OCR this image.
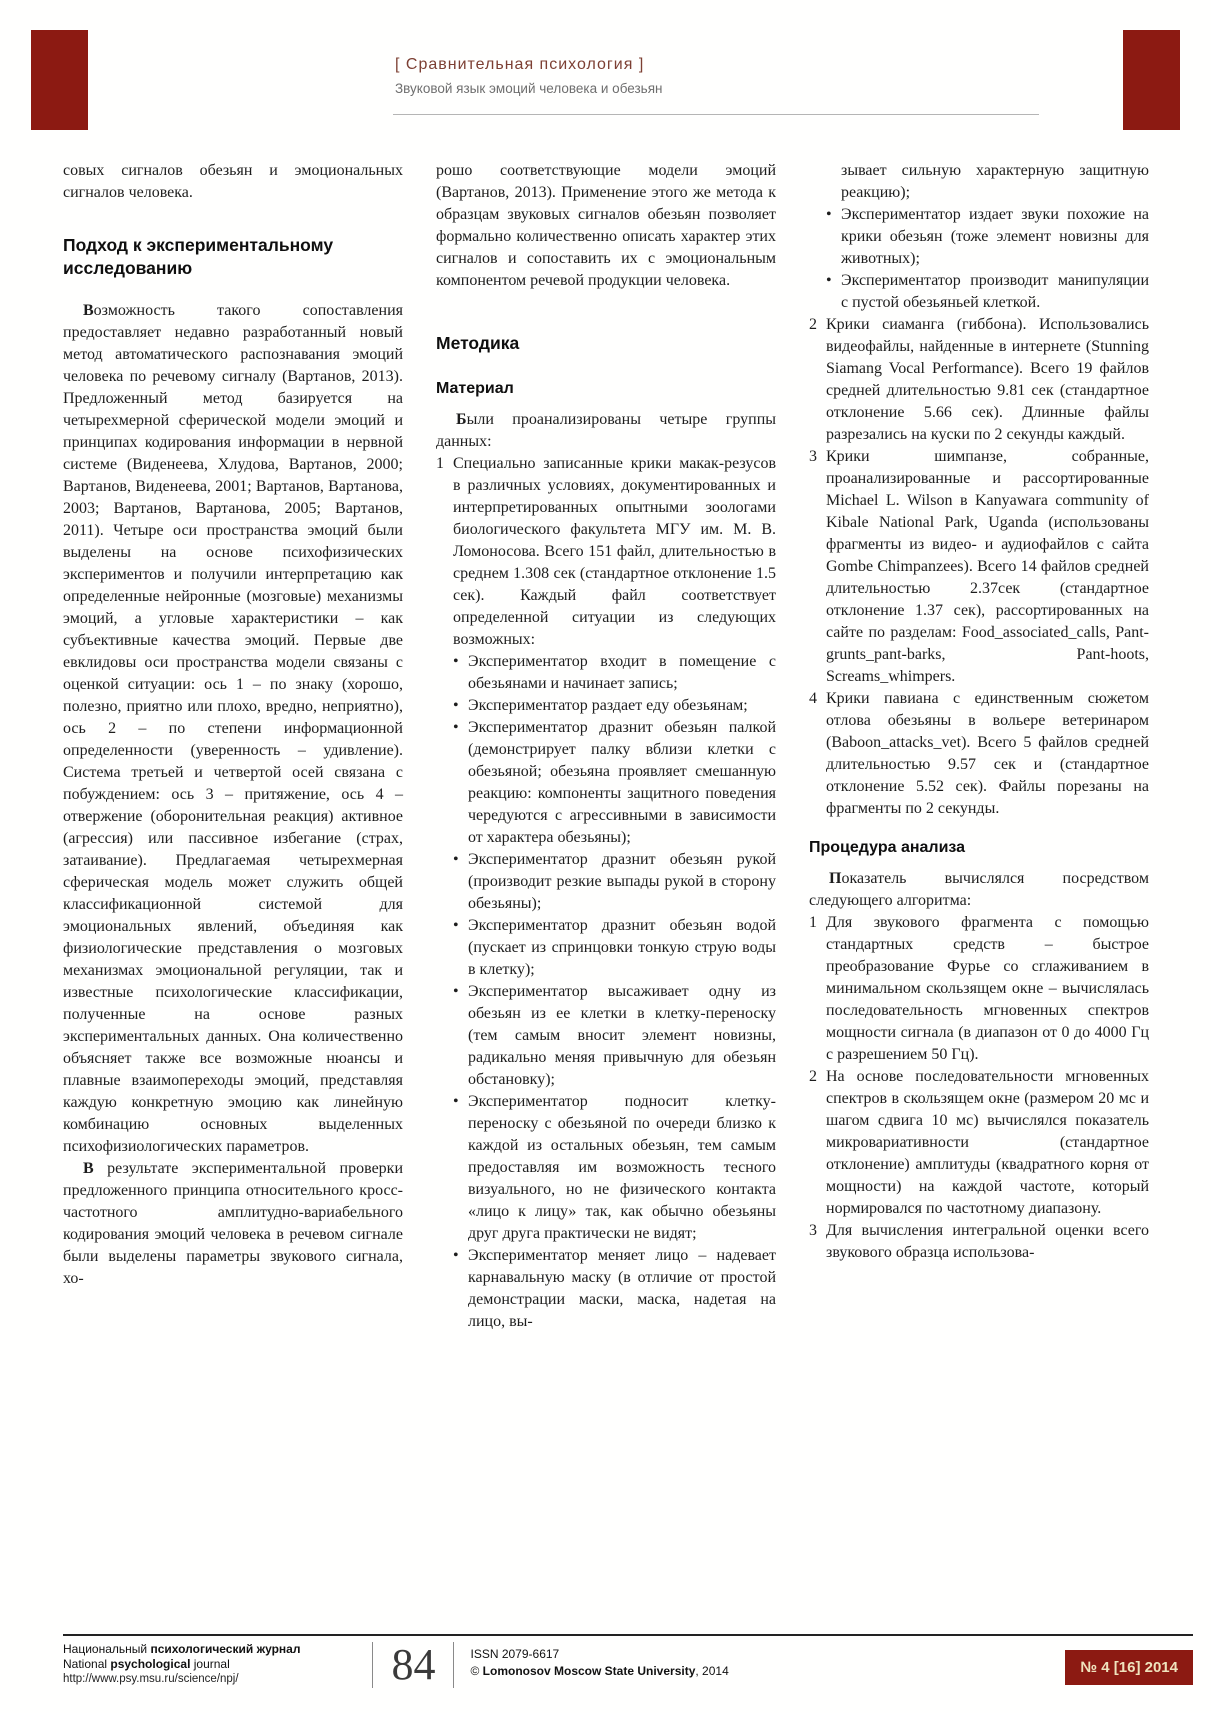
[ Сравнительная психология ]
Звуковой язык эмоций человека и обезьян

совых сигналов обезьян и эмоциональных сигналов человека.

Подход к экспериментальному исследованию

Возможность такого сопоставления предоставляет недавно разработанный новый метод автоматического распознавания эмоций человека по речевому сигналу (Вартанов, 2013). Предложенный метод базируется на четырехмерной сферической модели эмоций и принципах кодирования информации в нервной системе (Виденеева, Хлудова, Вартанов, 2000; Вартанов, Виденеева, 2001; Вартанов, Вартанова, 2003; Вартанов, Вартанова, 2005; Вартанов, 2011). Четыре оси пространства эмоций были выделены на основе психофизических экспериментов и получили интерпретацию как определенные нейронные (мозговые) механизмы эмоций, а угловые характеристики – как субъективные качества эмоций. Первые две евклидовы оси пространства модели связаны с оценкой ситуации: ось 1 – по знаку (хорошо, полезно, приятно или плохо, вредно, неприятно), ось 2 – по степени информационной определенности (уверенность – удивление). Система третьей и четвертой осей связана с побуждением: ось 3 – притяжение, ось 4 – отвержение (оборонительная реакция) активное (агрессия) или пассивное избегание (страх, затаивание). Предлагаемая четырехмерная сферическая модель может служить общей классификационной системой для эмоциональных явлений, объединяя как физиологические представления о мозговых механизмах эмоциональной регуляции, так и известные психологические классификации, полученные на основе разных экспериментальных данных. Она количественно объясняет также все возможные нюансы и плавные взаимопереходы эмоций, представляя каждую конкретную эмоцию как линейную комбинацию основных выделенных психофизиологических параметров.

В результате экспериментальной проверки предложенного принципа относительного кросс-частотного амплитудно-вариабельного кодирования эмоций человека в речевом сигнале были выделены параметры звукового сигнала, хо-

рошо соответствующие модели эмоций (Вартанов, 2013). Применение этого же метода к образцам звуковых сигналов обезьян позволяет формально количественно описать характер этих сигналов и сопоставить их с эмоциональным компонентом речевой продукции человека.

Методика
Материал

Были проанализированы четыре группы данных:

1 Специально записанные крики макак-резусов в различных условиях, документированных и интерпретированных опытными зоологами биологического факультета МГУ им. М. В. Ломоносова. Всего 151 файл, длительностью в среднем 1.308 сек (стандартное отклонение 1.5 сек). Каждый файл соответствует определенной ситуации из следующих возможных:
• Экспериментатор входит в помещение с обезьянами и начинает запись;
• Экспериментатор раздает еду обезьянам;
• Экспериментатор дразнит обезьян палкой (демонстрирует палку вблизи клетки с обезьяной; обезьяна проявляет смешанную реакцию: компоненты защитного поведения чередуются с агрессивными в зависимости от характера обезьяны);
• Экспериментатор дразнит обезьян рукой (производит резкие выпады рукой в сторону обезьяны);
• Экспериментатор дразнит обезьян водой (пускает из спринцовки тонкую струю воды в клетку);
• Экспериментатор высаживает одну из обезьян из ее клетки в клетку-переноску (тем самым вносит элемент новизны, радикально меняя привычную для обезьян обстановку);
• Экспериментатор подносит клетку-переноску с обезьяной по очереди близко к каждой из остальных обезьян, тем самым предоставляя им возможность тесного визуального, но не физического контакта «лицо к лицу» так, как обычно обезьяны друг друга практически не видят;
• Экспериментатор меняет лицо – надевает карнавальную маску (в отличие от простой демонстрации маски, маска, надетая на лицо, вы-

зывает сильную характерную защитную реакцию);

• Экспериментатор издает звуки похожие на крики обезьян (тоже элемент новизны для животных);
• Экспериментатор производит манипуляции с пустой обезьяньей клеткой.
2 Крики сиаманга (гиббона). Использовались видеофайлы, найденные в интернете (Stunning Siamang Vocal Performance). Всего 19 файлов средней длительностью 9.81 сек (стандартное отклонение 5.66 сек). Длинные файлы разрезались на куски по 2 секунды каждый.
3 Крики шимпанзе, собранные, проанализированные и рассортированные Michael L. Wilson в Kanyawara community of Kibale National Park, Uganda (использованы фрагменты из видео- и аудиофайлов с сайта Gombe Chimpanzees). Всего 14 файлов средней длительностью 2.37сек (стандартное отклонение 1.37 сек), рассортированных на сайте по разделам: Food_associated_calls, Pant-grunts_pant-barks, Pant-hoots, Screams_whimpers.
4 Крики павиана с единственным сюжетом отлова обезьяны в вольере ветеринаром (Baboon_attacks_vet). Всего 5 файлов средней длительностью 9.57 сек и (стандартное отклонение 5.52 сек). Файлы порезаны на фрагменты по 2 секунды.
Процедура анализа

Показатель вычислялся посредством следующего алгоритма:

1 Для звукового фрагмента с помощью стандартных средств – быстрое преобразование Фурье со сглаживанием в минимальном скользящем окне – вычислялась последовательность мгновенных спектров мощности сигнала (в диапазон от 0 до 4000 Гц с разрешением 50 Гц).
2 На основе последовательности мгновенных спектров в скользящем окне (размером 20 мс и шагом сдвига 10 мс) вычислялся показатель микровариативности (стандартное отклонение) амплитуды (квадратного корня от мощности) на каждой частоте, который нормировался по частотному диапазону.
3 Для вычисления интегральной оценки всего звукового образца использова-
Национальный психологический журнал
National psychological journal
http://www.psy.msu.ru/science/npj/	84	ISSN 2079-6617
© Lomonosov Moscow State University, 2014	№ 4 [16] 2014
